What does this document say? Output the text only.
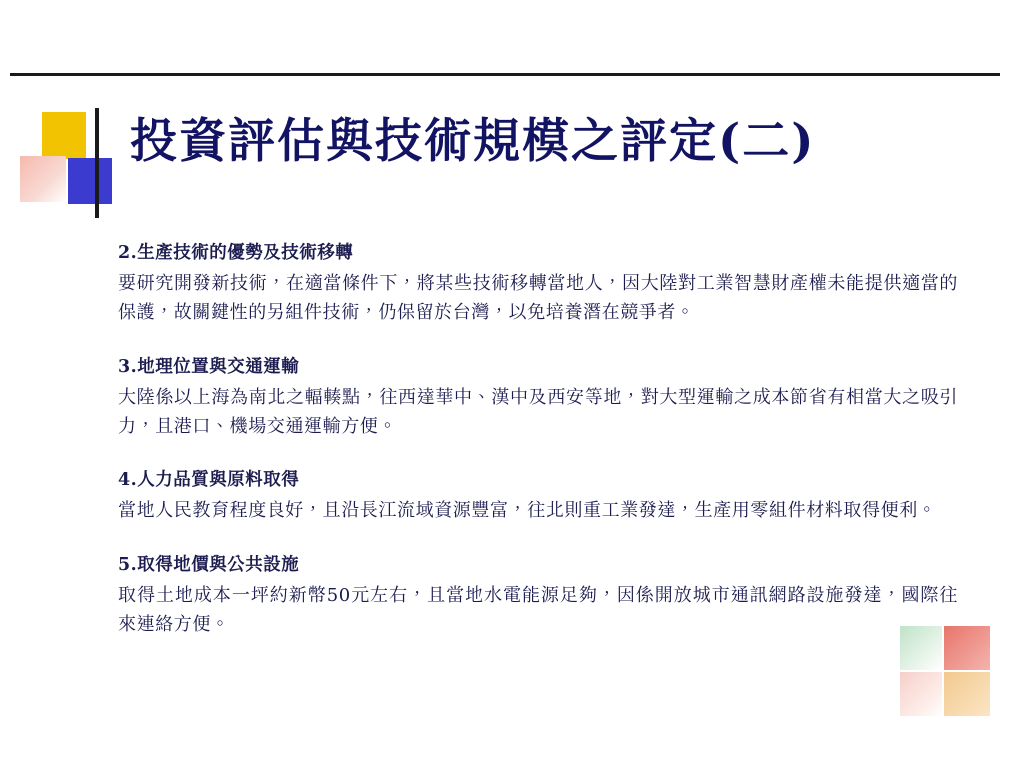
投資評估與技術規模之評定(二)
2.生產技術的優勢及技術移轉
要研究開發新技術，在適當條件下，將某些技術移轉當地人，因大陸對工業智慧財產權未能提供適當的保護，故關鍵性的另組件技術，仍保留於台灣，以免培養潛在競爭者。
3.地理位置與交通運輸
大陸係以上海為南北之輻輳點，往西達華中、漢中及西安等地，對大型運輸之成本節省有相當大之吸引力，且港口、機場交通運輸方便。
4.人力品質與原料取得
當地人民教育程度良好，且沿長江流域資源豐富，往北則重工業發達，生產用零組件材料取得便利。
5.取得地價與公共設施
取得土地成本一坪約新幣50元左右，且當地水電能源足夠，因係開放城市通訊網路設施發達，國際往來連絡方便。
